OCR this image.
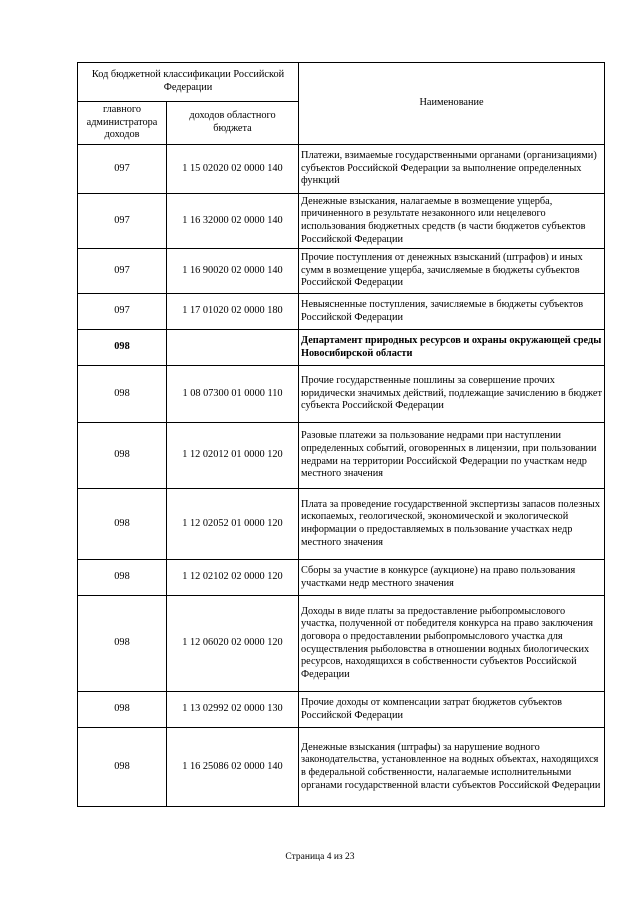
Код бюджетной классификации Российской Федерации		Наименование
главного администратора доходов	доходов областного бюджета	
097	1 15 02020 02 0000 140	Платежи, взимаемые государственными органами (организациями) субъектов Российской Федерации за выполнение определенных функций
097	1 16 32000 02 0000 140	Денежные взыскания, налагаемые в возмещение ущерба, причиненного в результате незаконного или нецелевого использования бюджетных средств (в части бюджетов субъектов Российской Федерации
097	1 16 90020 02 0000 140	Прочие поступления от денежных взысканий (штрафов) и иных сумм в возмещение ущерба, зачисляемые в бюджеты субъектов Российской Федерации
097	1 17 01020 02 0000 180	Невыясненные поступления, зачисляемые в бюджеты субъектов Российской Федерации
098		Департамент природных ресурсов и охраны окружающей среды Новосибирской области
098	1 08 07300 01 0000 110	Прочие государственные пошлины за совершение прочих юридически значимых действий, подлежащие зачислению в бюджет субъекта Российской Федерации
098	1 12 02012 01 0000 120	Разовые платежи за пользование недрами при наступлении определенных событий, оговоренных в лицензии, при пользовании недрами на территории Российской Федерации по участкам недр местного значения
098	1 12 02052 01 0000 120	Плата за проведение государственной экспертизы запасов полезных ископаемых, геологической, экономической и экологической информации о предоставляемых в пользование участках недр местного значения
098	1 12 02102 02 0000 120	Сборы за участие в конкурсе (аукционе) на право пользования участками недр местного значения
098	1 12 06020 02 0000 120	Доходы в виде платы за предоставление рыбопромыслового участка, полученной от победителя конкурса на право заключения договора о предоставлении рыбопромыслового участка для осуществления рыболовства в отношении водных биологических ресурсов, находящихся в собственности субъектов Российской Федерации
098	1 13 02992 02 0000 130	Прочие доходы от компенсации затрат бюджетов субъектов Российской Федерации
098	1 16 25086 02 0000 140	Денежные взыскания (штрафы) за нарушение водного законодательства, установленное на водных объектах, находящихся в федеральной собственности, налагаемые исполнительными органами государственной власти субъектов Российской Федерации
Страница 4 из 23
